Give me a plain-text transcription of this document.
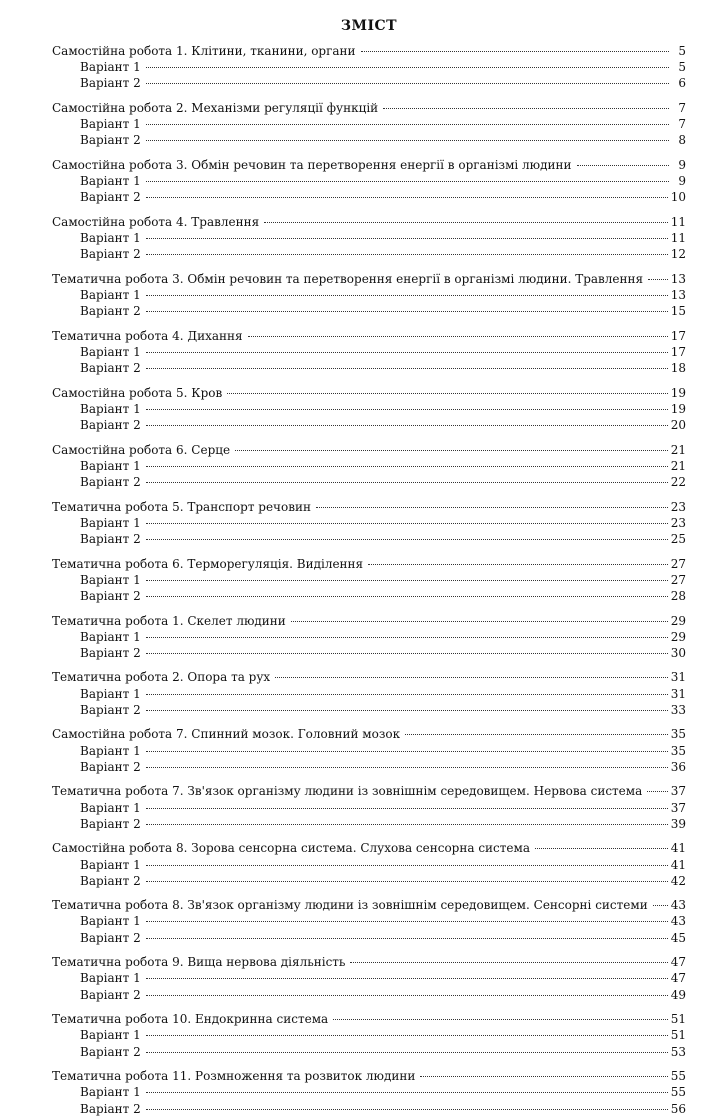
ЗМІСТ
Самостійна робота 1. Клітини, тканини, органи	5
Варіант 1	5
Варіант 2	6
Самостійна робота 2. Механізми регуляції функцій	7
Варіант 1	7
Варіант 2	8
Самостійна робота 3. Обмін речовин та перетворення енергії в організмі людини	9
Варіант 1	9
Варіант 2	10
Самостійна робота 4. Травлення	11
Варіант 1	11
Варіант 2	12
Тематична робота 3. Обмін речовин та перетворення енергії в організмі людини. Травлення 13
Варіант 1	13
Варіант 2	15
Тематична робота 4. Дихання	17
Варіант 1	17
Варіант 2	18
Самостійна робота 5. Кров	19
Варіант 1	19
Варіант 2	20
Самостійна робота 6. Серце	21
Варіант 1	21
Варіант 2	22
Тематична робота 5. Транспорт речовин	23
Варіант 1	23
Варіант 2	25
Тематична робота 6. Терморегуляція. Виділення	27
Варіант 1	27
Варіант 2	28
Тематична робота 1. Скелет людини	29
Варіант 1	29
Варіант 2	30
Тематична робота 2. Опора та рух	31
Варіант 1	31
Варіант 2	33
Самостійна робота 7. Спинний мозок. Головний мозок	35
Варіант 1	35
Варіант 2	36
Тематична робота 7. Зв'язок організму людини із зовнішнім середовищем. Нервова система 37
Варіант 1	37
Варіант 2	39
Самостійна робота 8. Зорова сенсорна система. Слухова сенсорна система	41
Варіант 1	41
Варіант 2	42
Тематична робота 8. Зв'язок організму людини із зовнішнім середовищем. Сенсорні системи 43
Варіант 1	43
Варіант 2	45
Тематична робота 9. Вища нервова діяльність	47
Варіант 1	47
Варіант 2	49
Тематична робота 10. Ендокринна система	51
Варіант 1	51
Варіант 2	53
Тематична робота 11. Розмноження та розвиток людини	55
Варіант 1	55
Варіант 2	56
